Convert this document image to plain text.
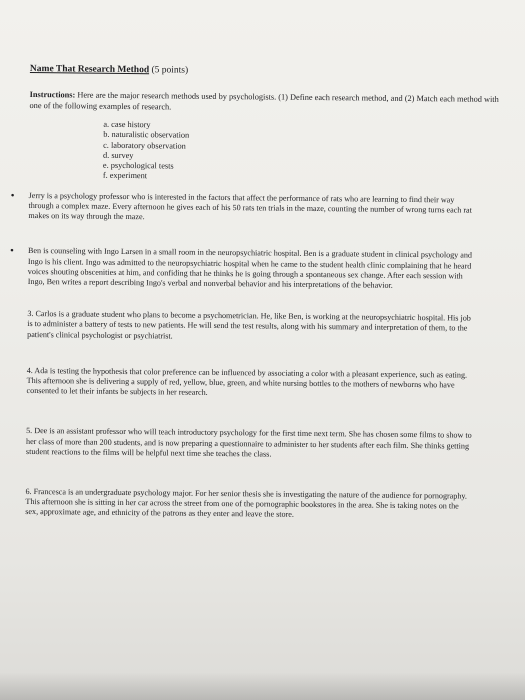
Name That Research Method (5 points)

Instructions: Here are the major research methods used by psychologists. (1) Define each research method, and (2) Match each method with one of the following examples of research.

a. case history
b. naturalistic observation
c. laboratory observation
d. survey
e. psychological tests
f. experiment

• Jerry is a psychology professor who is interested in the factors that affect the performance of rats who are learning to find their way through a complex maze. Every afternoon he gives each of his 50 rats ten trials in the maze, counting the number of wrong turns each rat makes on its way through the maze.

• Ben is counseling with Ingo Larsen in a small room in the neuropsychiatric hospital. Ben is a graduate student in clinical psychology and Ingo is his client. Ingo was admitted to the neuropsychiatric hospital when he came to the student health clinic complaining that he heard voices shouting obscenities at him, and confiding that he thinks he is going through a spontaneous sex change. After each session with Ingo, Ben writes a report describing Ingo's verbal and nonverbal behavior and his interpretations of the behavior.

3. Carlos is a graduate student who plans to become a psychometrician. He, like Ben, is working at the neuropsychiatric hospital. His job is to administer a battery of tests to new patients. He will send the test results, along with his summary and interpretation of them, to the patient's clinical psychologist or psychiatrist.

4. Ada is testing the hypothesis that color preference can be influenced by associating a color with a pleasant experience, such as eating. This afternoon she is delivering a supply of red, yellow, blue, green, and white nursing bottles to the mothers of newborns who have consented to let their infants be subjects in her research.

5. Dee is an assistant professor who will teach introductory psychology for the first time next term. She has chosen some films to show to her class of more than 200 students, and is now preparing a questionnaire to administer to her students after each film. She thinks getting student reactions to the films will be helpful next time she teaches the class.

6. Francesca is an undergraduate psychology major. For her senior thesis she is investigating the nature of the audience for pornography. This afternoon she is sitting in her car across the street from one of the pornographic bookstores in the area. She is taking notes on the sex, approximate age, and ethnicity of the patrons as they enter and leave the store.
